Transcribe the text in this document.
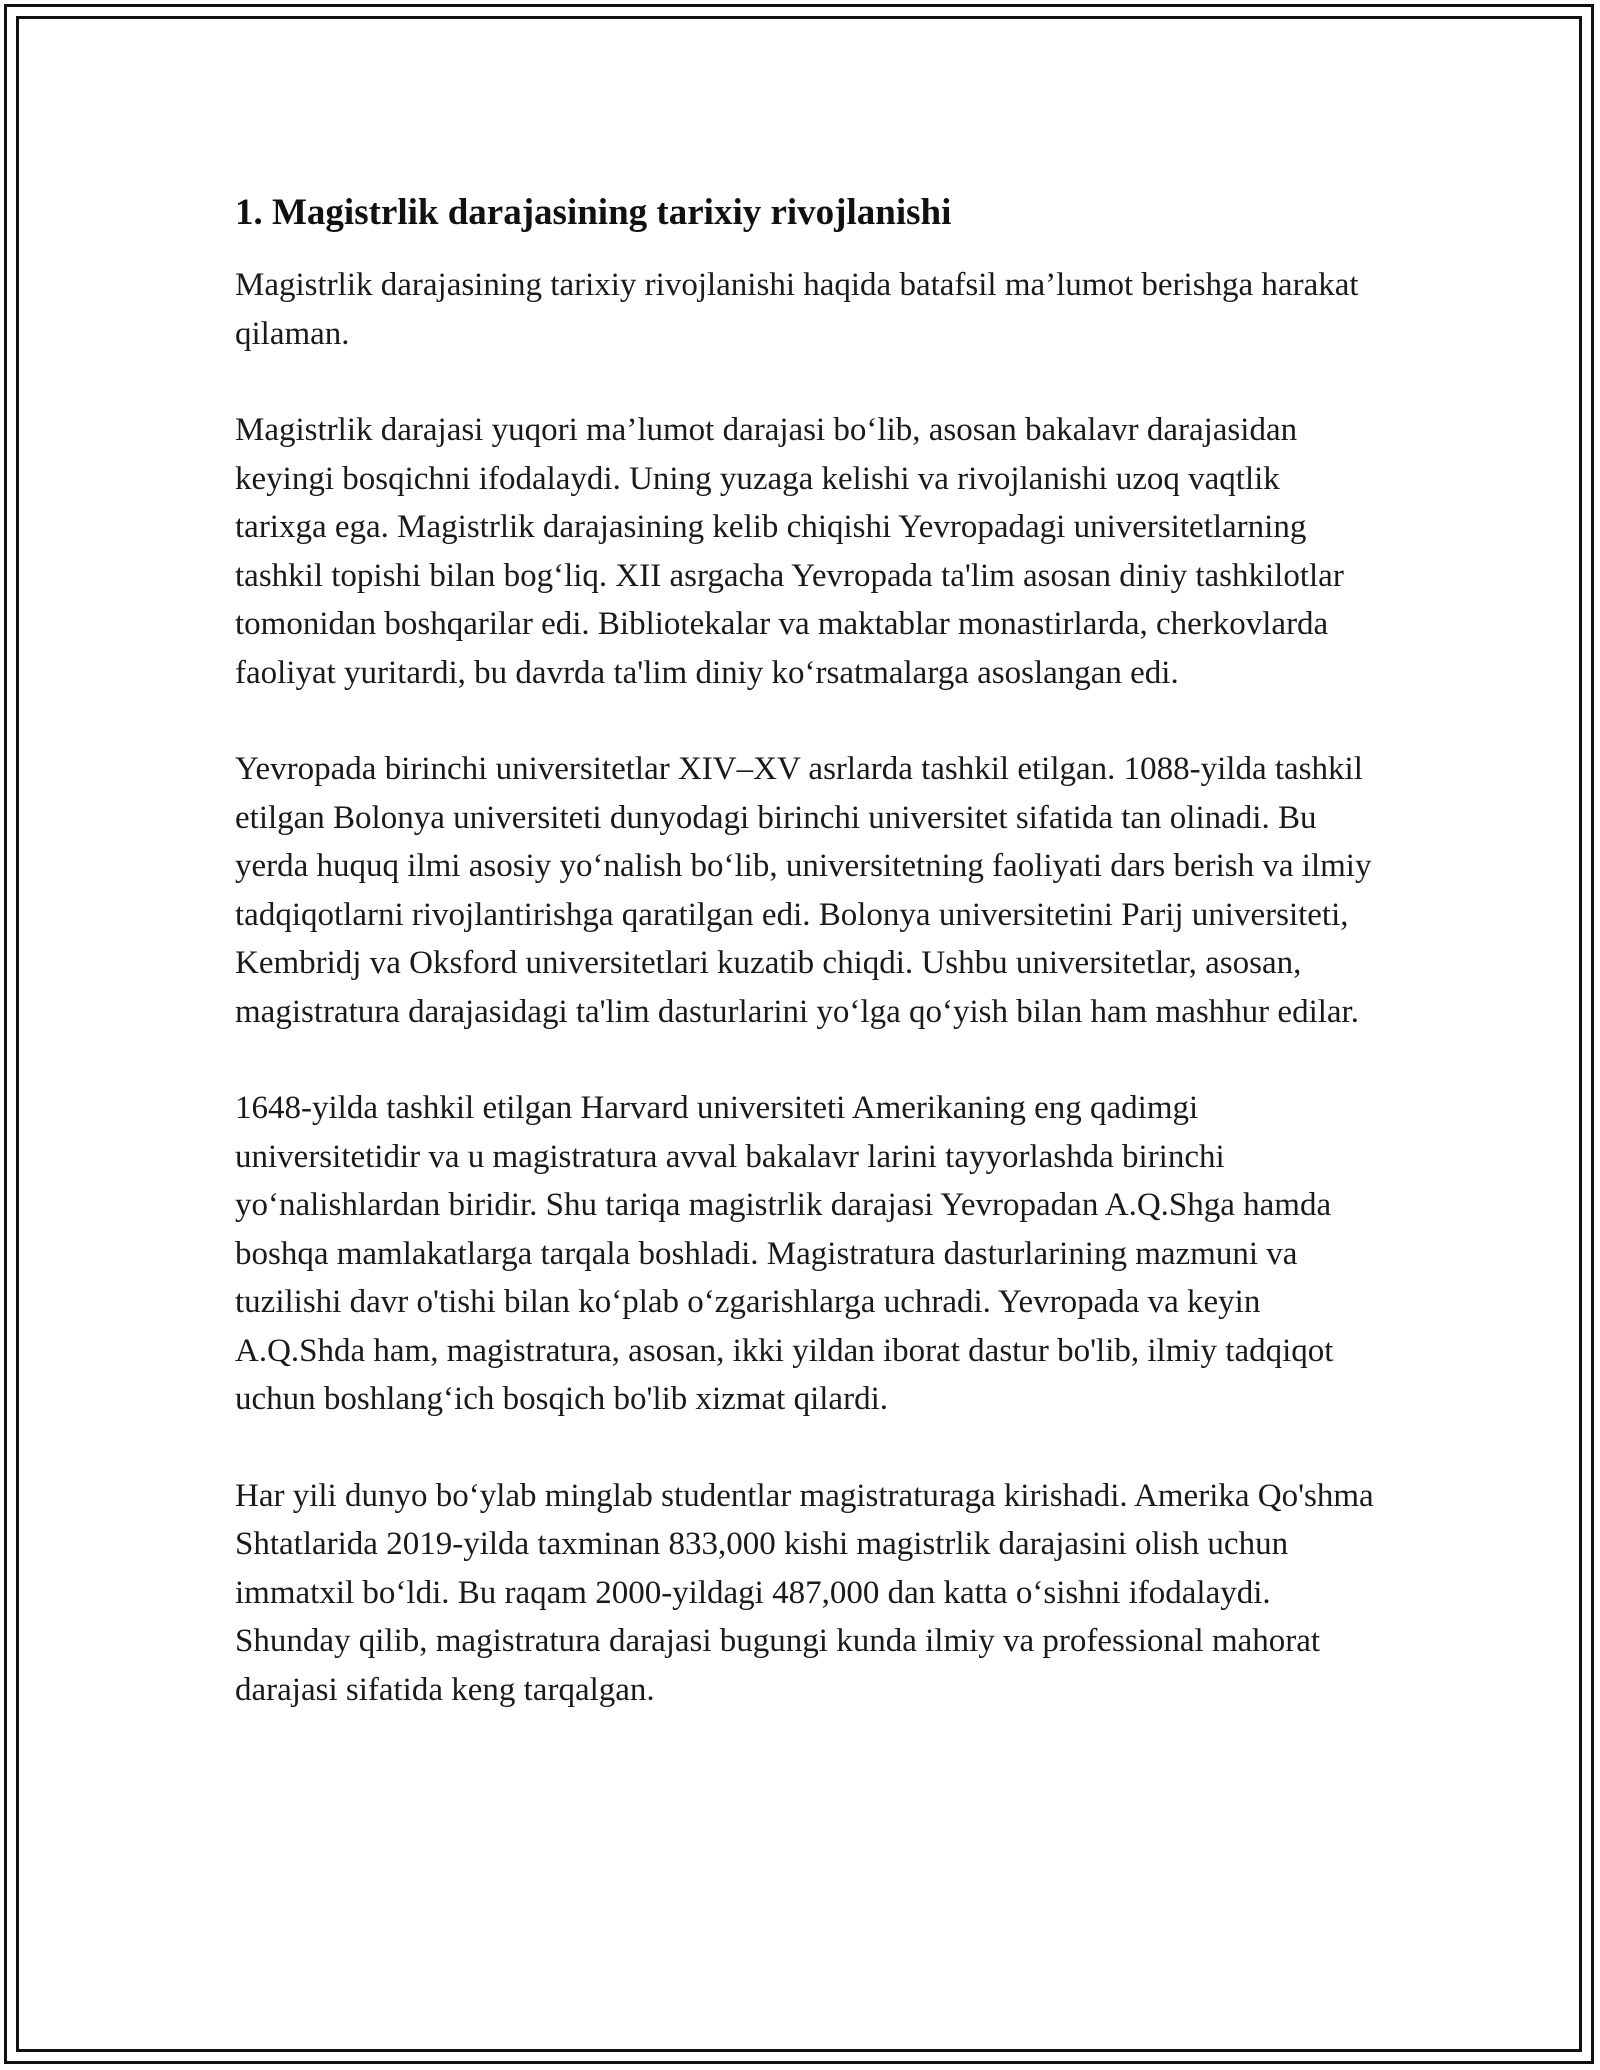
1. Magistrlik darajasining tarixiy rivojlanishi

Magistrlik darajasining tarixiy rivojlanishi haqida batafsil ma’lumot berishga harakat qilaman.

Magistrlik darajasi yuqori ma’lumot darajasi bo‘lib, asosan bakalavr darajasidan keyingi bosqichni ifodalaydi. Uning yuzaga kelishi va rivojlanishi uzoq vaqtlik tarixga ega. Magistrlik darajasining kelib chiqishi Yevropadagi universitetlarning tashkil topishi bilan bog‘liq. XII asrgacha Yevropada ta'lim asosan diniy tashkilotlar tomonidan boshqarilar edi. Bibliotekalar va maktablar monastirlarda, cherkovlarda faoliyat yuritardi, bu davrda ta'lim diniy ko‘rsatmalarga asoslangan edi.

Yevropada birinchi universitetlar XIV–XV asrlarda tashkil etilgan. 1088-yilda tashkil etilgan Bolonya universiteti dunyodagi birinchi universitet sifatida tan olinadi. Bu yerda huquq ilmi asosiy yo‘nalish bo‘lib, universitetning faoliyati dars berish va ilmiy tadqiqotlarni rivojlantirishga qaratilgan edi. Bolonya universitetini Parij universiteti, Kembridj va Oksford universitetlari kuzatib chiqdi. Ushbu universitetlar, asosan, magistratura darajasidagi ta'lim dasturlarini yo‘lga qo‘yish bilan ham mashhur edilar.

1648-yilda tashkil etilgan Harvard universiteti Amerikaning eng qadimgi universitetidir va u magistratura avval bakalavr larini tayyorlashda birinchi yo‘nalishlardan biridir. Shu tariqa magistrlik darajasi Yevropadan A.Q.Shga hamda boshqa mamlakatlarga tarqala boshladi. Magistratura dasturlarining mazmuni va tuzilishi davr o'tishi bilan ko‘plab o‘zgarishlarga uchradi. Yevropada va keyin A.Q.Shda ham, magistratura, asosan, ikki yildan iborat dastur bo'lib, ilmiy tadqiqot uchun boshlang‘ich bosqich bo'lib xizmat qilardi.

Har yili dunyo bo‘ylab minglab studentlar magistraturaga kirishadi. Amerika Qo'shma Shtatlarida 2019-yilda taxminan 833,000 kishi magistrlik darajasini olish uchun immatxil bo‘ldi. Bu raqam 2000-yildagi 487,000 dan katta o‘sishni ifodalaydi. Shunday qilib, magistratura darajasi bugungi kunda ilmiy va professional mahorat darajasi sifatida keng tarqalgan.
